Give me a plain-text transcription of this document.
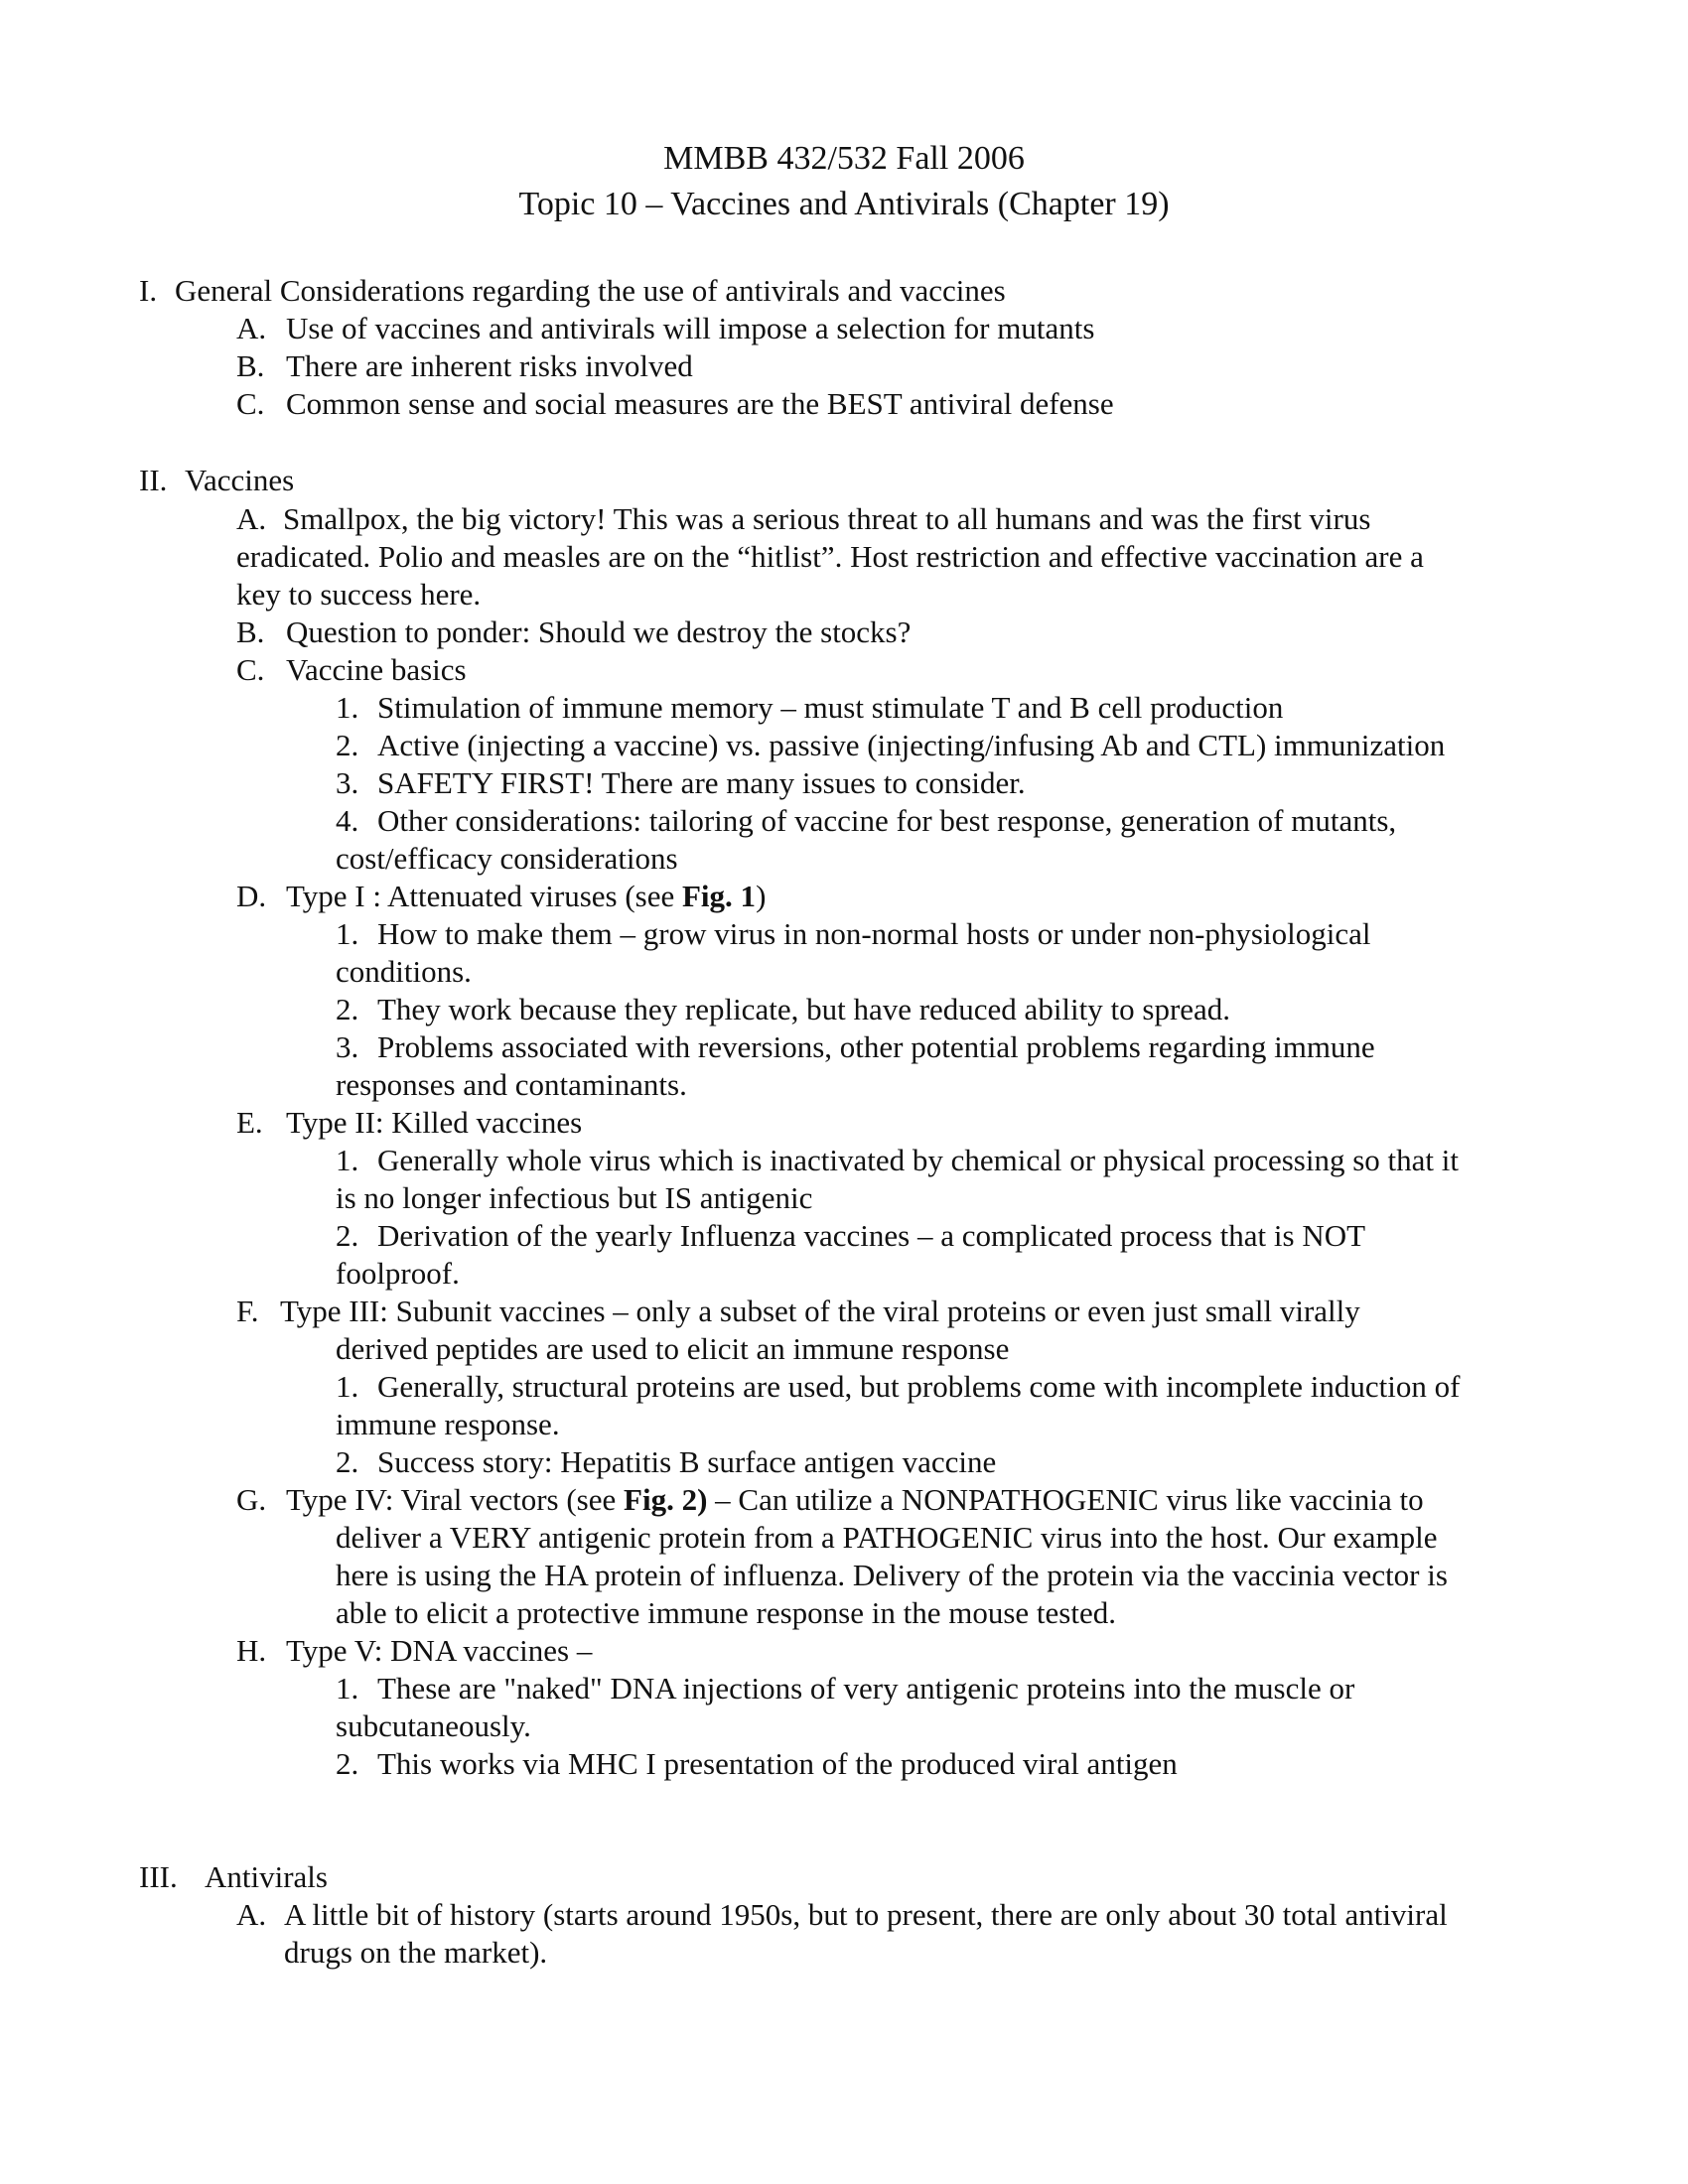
MMBB 432/532 Fall 2006
Topic 10 – Vaccines and Antivirals (Chapter 19)
I. General Considerations regarding the use of antivirals and vaccines
A. Use of vaccines and antivirals will impose a selection for mutants
B. There are inherent risks involved
C. Common sense and social measures are the BEST antiviral defense
II. Vaccines
A. Smallpox, the big victory! This was a serious threat to all humans and was the first virus
eradicated. Polio and measles are on the “hitlist”. Host restriction and effective vaccination are a
key to success here.
B. Question to ponder: Should we destroy the stocks?
C. Vaccine basics
1. Stimulation of immune memory – must stimulate T and B cell production
2. Active (injecting a vaccine) vs. passive (injecting/infusing Ab and CTL) immunization
3. SAFETY FIRST! There are many issues to consider.
4. Other considerations: tailoring of vaccine for best response, generation of mutants,
cost/efficacy considerations
D. Type I : Attenuated viruses (see Fig. 1)
1. How to make them – grow virus in non-normal hosts or under non-physiological
conditions.
2. They work because they replicate, but have reduced ability to spread.
3. Problems associated with reversions, other potential problems regarding immune
responses and contaminants.
E. Type II: Killed vaccines
1. Generally whole virus which is inactivated by chemical or physical processing so that it
is no longer infectious but IS antigenic
2. Derivation of the yearly Influenza vaccines – a complicated process that is NOT
foolproof.
F. Type III: Subunit vaccines – only a subset of the viral proteins or even just small virally
derived peptides are used to elicit an immune response
1. Generally, structural proteins are used, but problems come with incomplete induction of
immune response.
2. Success story: Hepatitis B surface antigen vaccine
G. Type IV: Viral vectors (see Fig. 2) – Can utilize a NONPATHOGENIC virus like vaccinia to
deliver a VERY antigenic protein from a PATHOGENIC virus into the host. Our example
here is using the HA protein of influenza. Delivery of the protein via the vaccinia vector is
able to elicit a protective immune response in the mouse tested.
H. Type V: DNA vaccines –
1. These are "naked" DNA injections of very antigenic proteins into the muscle or
subcutaneously.
2. This works via MHC I presentation of the produced viral antigen
III. Antivirals
A. A little bit of history (starts around 1950s, but to present, there are only about 30 total antiviral
drugs on the market).
